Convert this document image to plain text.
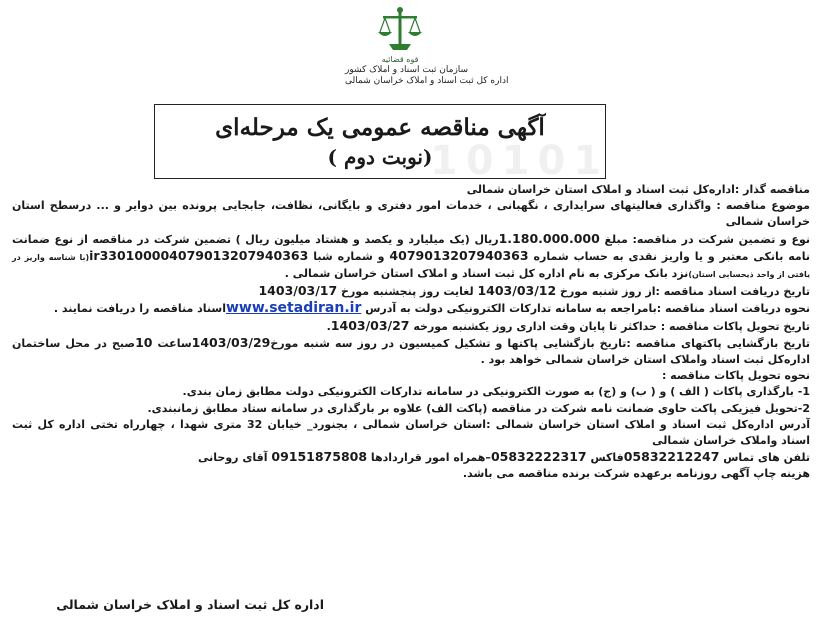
قوه قضائیه
سازمان ثبت اسناد و املاک کشور
اداره کل ثبت اسناد و املاک خراسان شمالی
آگهی مناقصه عمومی یک مرحله‌ای
( نوبت دوم)
10101

مناقصه گذار :اداره‌کل ثبت اسناد و املاک استان خراسان شمالی

موضوع مناقصه : واگذاری فعالیتهای سرایداری ، نگهبانی ، خدمات امور دفتری و بایگانی، نظافت، جابجایی پرونده بین دوایر و ... درسطح استان خراسان شمالی

نوع و تضمین شرکت در مناقصه: مبلغ 1.180.000.000ریال (یک میلیارد و یکصد و هشتاد میلیون ریال ) تضمین شرکت در مناقصه از نوع ضمانت نامه بانکی معتبر و یا واریز نقدی به حساب شماره 4079013207940363 و شماره شبا ir330100004079013207940363(با شناسه واریز در یافتی از واحد ذیحسابی استان)نزد بانک مرکزی به نام اداره کل ثبت اسناد و املاک استان خراسان شمالی .

تاریخ دریافت اسناد مناقصه :از روز شنبه مورخ 1403/03/12 لغایت روز پنجشنبه مورخ 1403/03/17

نحوه دریافت اسناد مناقصه :بامراجعه به سامانه تدارکات الکترونیکی دولت به آدرس www.setadiran.irاسناد مناقصه را دریافت نمایند .

تاریخ تحویل پاکات مناقصه : حداکثر تا پایان وقت اداری روز یکشنبه مورخه 1403/03/27.

تاریخ بازگشایی پاکتهای مناقصه :تاریخ بازگشایی پاکتها و تشکیل کمیسیون در روز سه شنبه مورخ1403/03/29ساعت 10صبح در محل ساختمان اداره‌کل ثبت اسناد واملاک استان خراسان شمالی خواهد بود .

نحوه تحویل پاکات مناقصه :

1- بارگذاری پاکات ( الف ) و ( ب) و (ج) به صورت الکترونیکی در سامانه تدارکات الکترونیکی دولت مطابق زمان بندی.

2-تحویل فیزیکی پاکت حاوی ضمانت نامه شرکت در مناقصه (پاکت الف) علاوه بر بارگذاری در سامانه ستاد مطابق زمانبندی.

آدرس اداره‌کل ثبت اسناد و املاک استان خراسان شمالی :استان خراسان شمالی ، بجنورد_ خیابان 32 متری شهدا ، چهارراه تختی اداره کل ثبت اسناد واملاک خراسان شمالی

تلفن های تماس 05832212247فاکس 05832222317–همراه امور قراردادها 09151875808 آقای روحانی

هزینه چاپ آگهی روزنامه برعهده شرکت برنده مناقصه می باشد.

اداره کل ثبت اسناد و املاک خراسان شمالی
